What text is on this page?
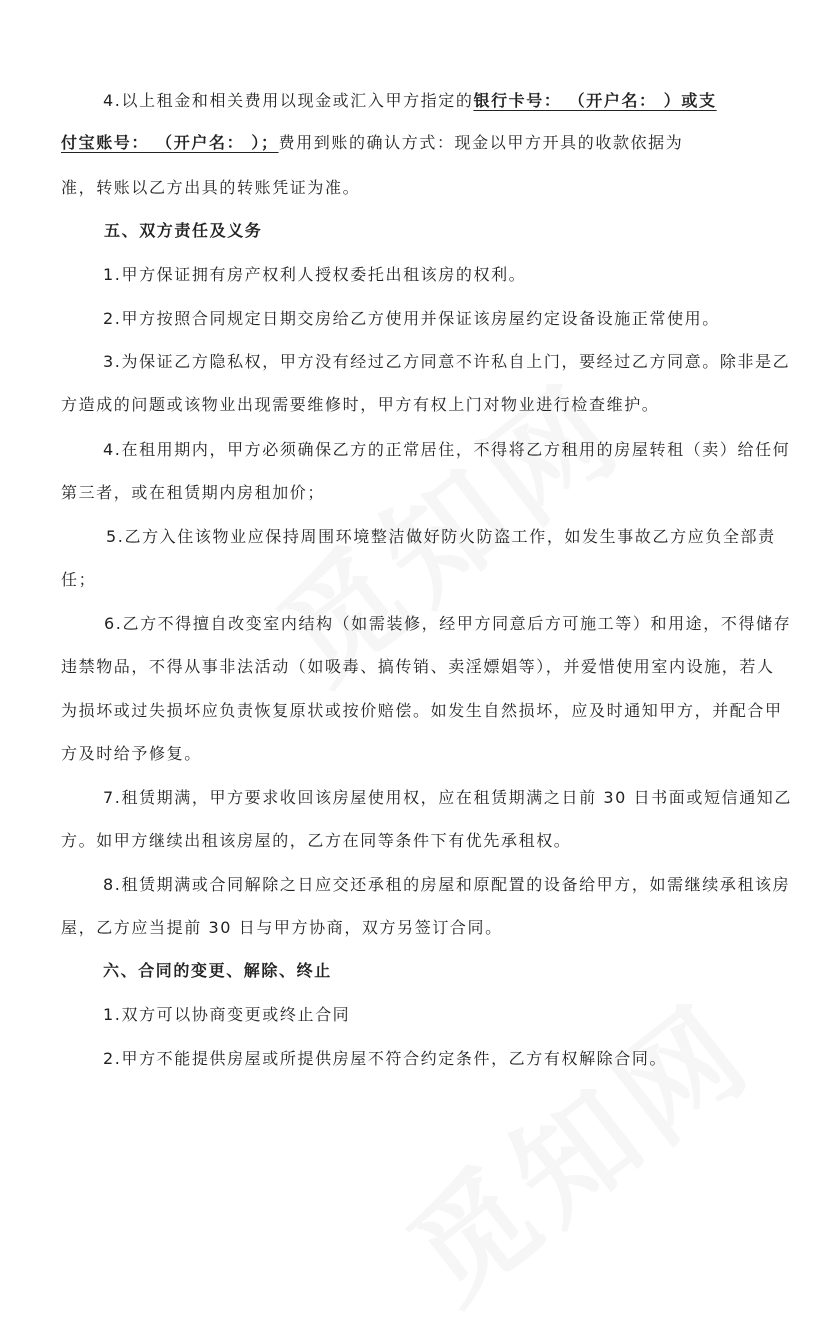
4.以上租金和相关费用以现金或汇入甲方指定的银行卡号： （开户名： ）或支
付宝账号： （开户名： ）；费用到账的确认方式：现金以甲方开具的收款依据为
准，转账以乙方出具的转账凭证为准。
五、双方责任及义务
1.甲方保证拥有房产权利人授权委托出租该房的权利。
2.甲方按照合同规定日期交房给乙方使用并保证该房屋约定设备设施正常使用。
3.为保证乙方隐私权，甲方没有经过乙方同意不许私自上门，要经过乙方同意。除非是乙
方造成的问题或该物业出现需要维修时，甲方有权上门对物业进行检查维护。
4.在租用期内，甲方必须确保乙方的正常居住，不得将乙方租用的房屋转租（卖）给任何
第三者，或在租赁期内房租加价；
5.乙方入住该物业应保持周围环境整洁做好防火防盗工作，如发生事故乙方应负全部责
任；
6.乙方不得擅自改变室内结构（如需装修，经甲方同意后方可施工等）和用途，不得储存
违禁物品，不得从事非法活动（如吸毒、搞传销、卖淫嫖娼等），并爱惜使用室内设施，若人
为损坏或过失损坏应负责恢复原状或按价赔偿。如发生自然损坏，应及时通知甲方，并配合甲
方及时给予修复。
7.租赁期满，甲方要求收回该房屋使用权，应在租赁期满之日前 30 日书面或短信通知乙
方。如甲方继续出租该房屋的，乙方在同等条件下有优先承租权。
8.租赁期满或合同解除之日应交还承租的房屋和原配置的设备给甲方，如需继续承租该房
屋，乙方应当提前 30 日与甲方协商，双方另签订合同。
六、合同的变更、解除、终止
1.双方可以协商变更或终止合同
2.甲方不能提供房屋或所提供房屋不符合约定条件，乙方有权解除合同。
